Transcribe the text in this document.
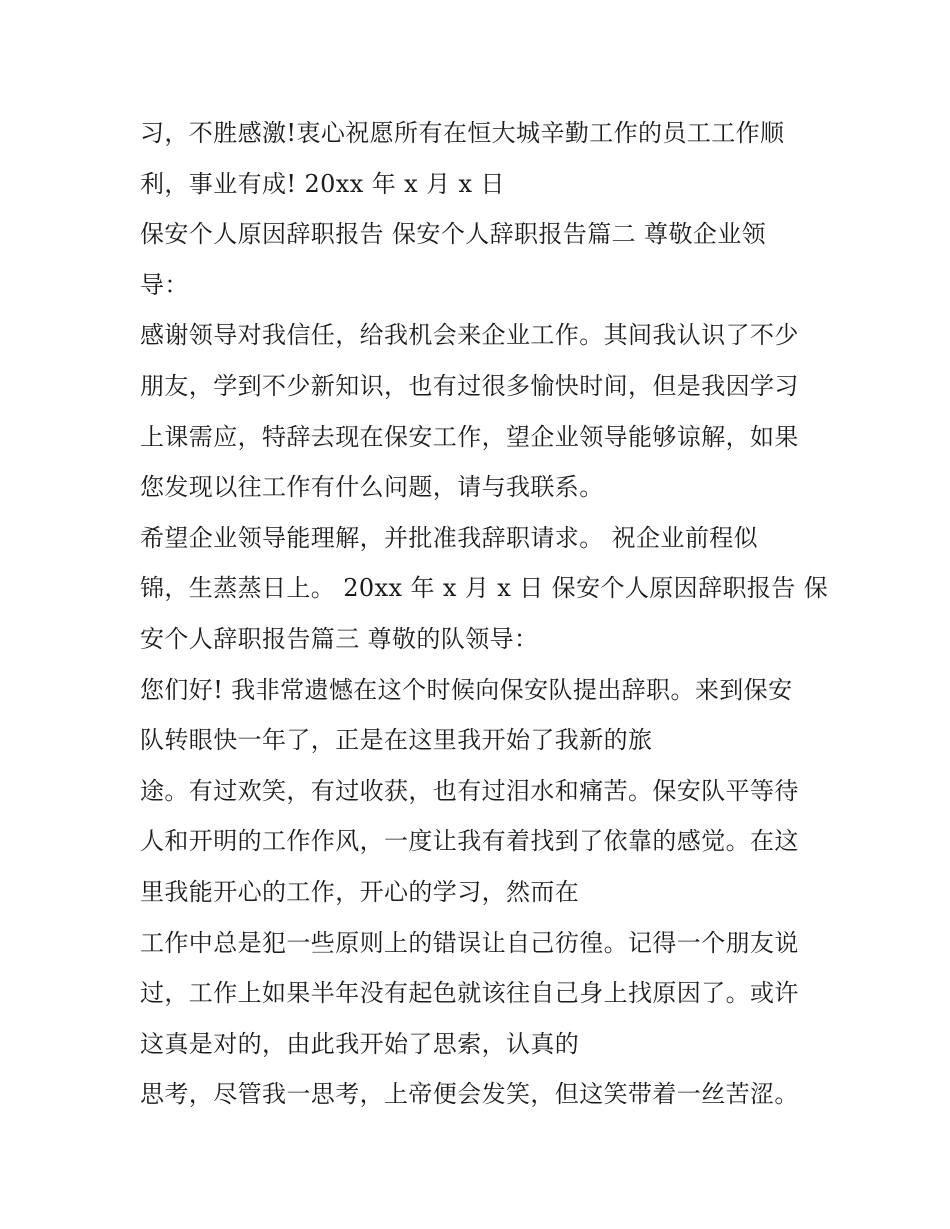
习，不胜感激!衷心祝愿所有在恒大城辛勤工作的员工工作顺
利，事业有成! 20xx 年 x 月 x 日
保安个人原因辞职报告 保安个人辞职报告篇二 尊敬企业领
导：
感谢领导对我信任，给我机会来企业工作。其间我认识了不少
朋友，学到不少新知识，也有过很多愉快时间，但是我因学习
上课需应，特辞去现在保安工作，望企业领导能够谅解，如果
您发现以往工作有什么问题，请与我联系。
希望企业领导能理解，并批准我辞职请求。 祝企业前程似
锦，生蒸蒸日上。 20xx 年 x 月 x 日 保安个人原因辞职报告 保
安个人辞职报告篇三 尊敬的队领导：
您们好! 我非常遗憾在这个时候向保安队提出辞职。来到保安
队转眼快一年了，正是在这里我开始了我新的旅
途。有过欢笑，有过收获，也有过泪水和痛苦。保安队平等待
人和开明的工作作风，一度让我有着找到了依靠的感觉。在这
里我能开心的工作，开心的学习，然而在
工作中总是犯一些原则上的错误让自己彷徨。记得一个朋友说
过，工作上如果半年没有起色就该往自己身上找原因了。或许
这真是对的，由此我开始了思索，认真的
思考，尽管我一思考，上帝便会发笑，但这笑带着一丝苦涩。
